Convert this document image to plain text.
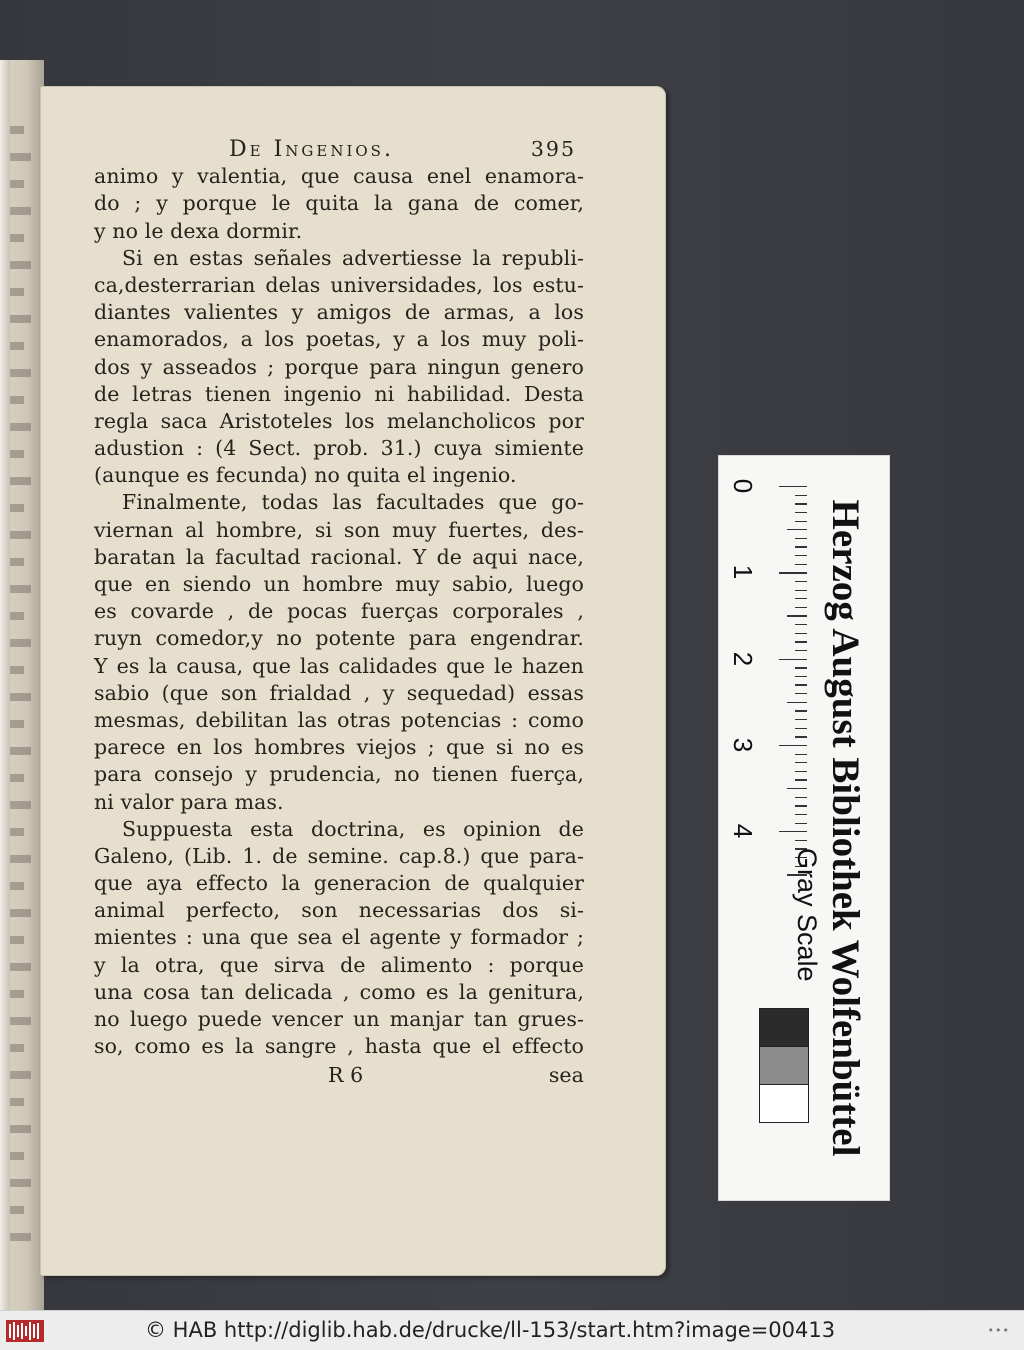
De Ingenios.	395
animo y valentia, que causa enel enamora-
do ; y porque le quita la gana de comer,
y no le dexa dormir.
Si en estas señales advertiesse la republi-
ca,desterrarian delas universidades, los estu-
diantes valientes y amigos de armas, a los
enamorados, a los poetas, y a los muy poli-
dos y asseados ; porque para ningun genero
de letras tienen ingenio ni habilidad. Desta
regla saca Aristoteles los melancholicos por
adustion : (4 Sect. prob. 31.) cuya simiente
(aunque es fecunda) no quita el ingenio.
Finalmente, todas las facultades que go-
viernan al hombre, si son muy fuertes, des-
baratan la facultad racional. Y de aqui nace,
que en siendo un hombre muy sabio, luego
es covarde , de pocas fuerças corporales ,
ruyn comedor,y no potente para engendrar.
Y es la causa, que las calidades que le hazen
sabio (que son frialdad , y sequedad) essas
mesmas, debilitan las otras potencias : como
parece en los hombres viejos ; que si no es
para consejo y prudencia, no tienen fuerça,
ni valor para mas.
Suppuesta esta doctrina, es opinion de
Galeno, (Lib. 1. de semine. cap.8.) que para-
que aya effecto la generacion de qualquier
animal perfecto, son necessarias dos si-
mientes : una que sea el agente y formador ;
y la otra, que sirva de alimento : porque
una cosa tan delicada , como es la genitura,
no luego puede vencer un manjar tan grues-
so, como es la sangre , hasta que el effecto
R 6	sea	Herzog August Bibliothek Wolfenbüttel
0
1
2
3
4
Gray Scale
© HAB http://diglib.hab.de/drucke/ll-153/start.htm?image=00413	•••
